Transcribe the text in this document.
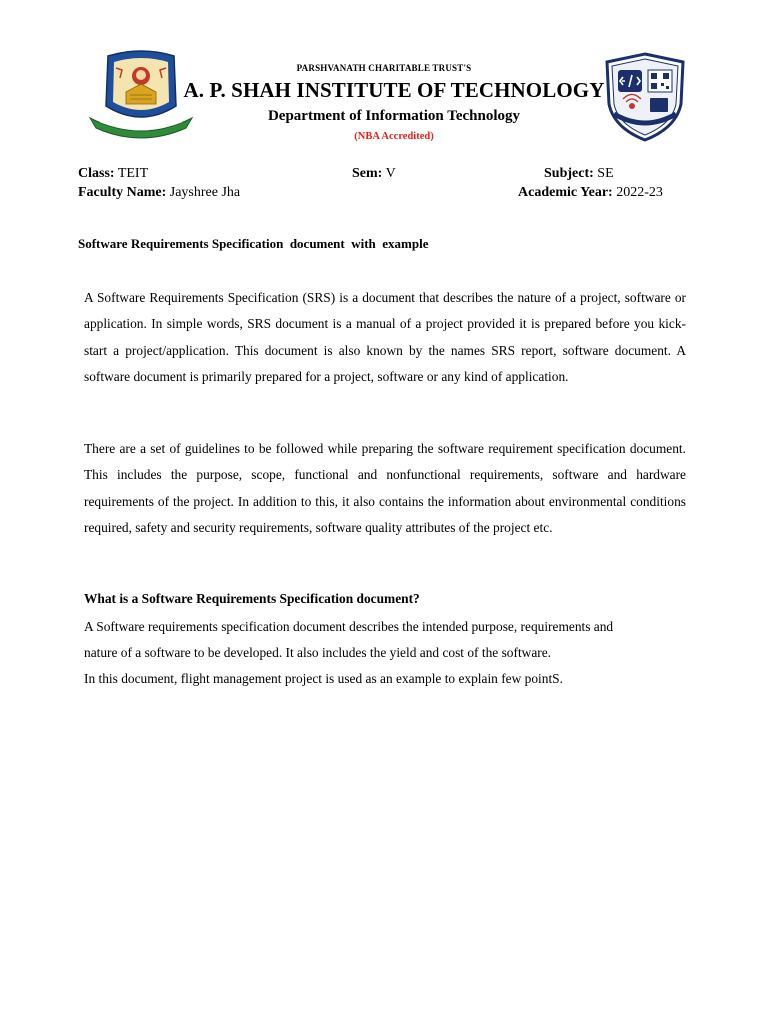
PARSHVANATH CHARITABLE TRUST'S
A. P. SHAH INSTITUTE OF TECHNOLOGY
Department of Information Technology
(NBA Accredited)
Class: TEIT	Sem: V	Subject: SE
Faculty Name: Jayshree Jha	Academic Year: 2022-23
Software Requirements Specification  document  with  example

A Software Requirements Specification (SRS) is a document that describes the nature of a project, software or application. In simple words, SRS document is a manual of a project provided it is prepared before you kick-start a project/application. This document is also known by the names SRS report, software document. A software document is primarily prepared for a project, software or any kind of application.

There are a set of guidelines to be followed while preparing the software requirement specification document. This includes the purpose, scope, functional and nonfunctional requirements, software and hardware requirements of the project. In addition to this, it also contains the information about environmental conditions required, safety and security requirements, software quality attributes of the project etc.

What is a Software Requirements Specification document?
A Software requirements specification document describes the intended purpose, requirements and
nature of a software to be developed. It also includes the yield and cost of the software.
In this document, flight management project is used as an example to explain few pointS.
